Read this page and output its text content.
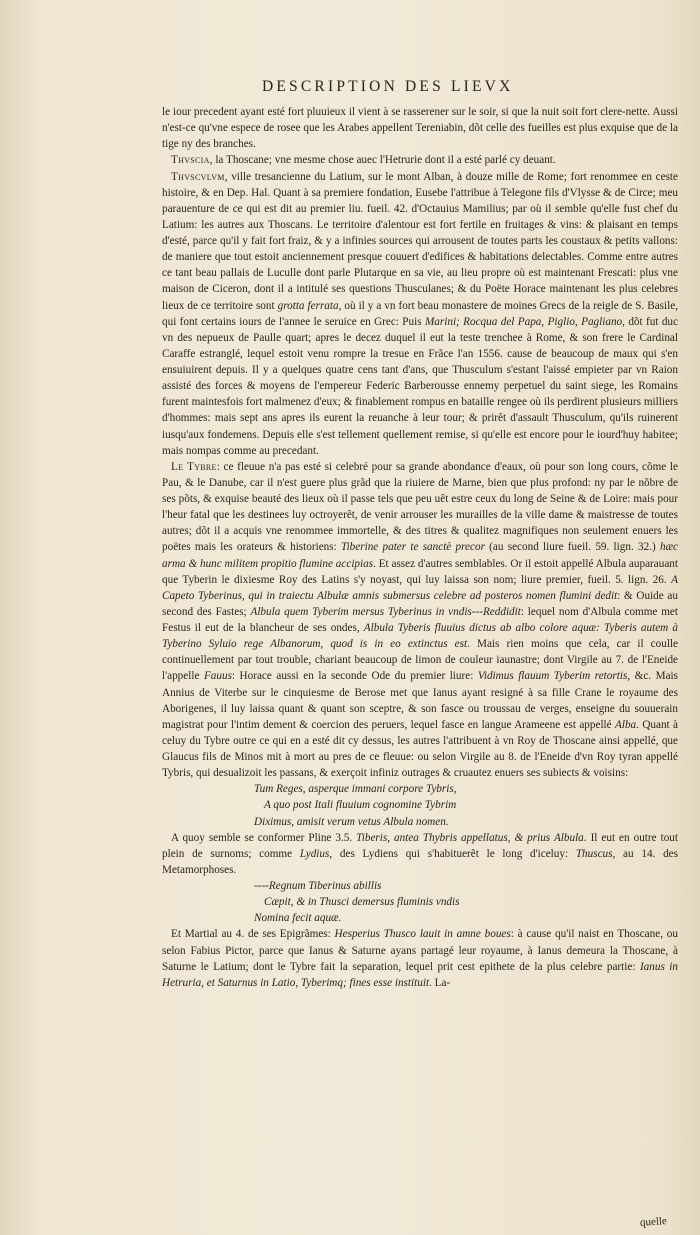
DESCRIPTION DES LIEVX

le iour precedent ayant esté fort pluuieux il vient à se rasserener sur le soir, si que la nuit soit fort clere-nette. Aussi n'est-ce qu'vne espece de rosee que les Arabes appellent Tereniabin, dõt celle des fueilles est plus exquise que de la tige ny des branches.

Thvscia, la Thoscane; vne mesme chose auec l'Hetrurie dont il a esté parlé cy deuant.

Thvscvlvm, ville tresancienne du Latium, sur le mont Alban, à douze mille de Rome; fort renommee en ceste histoire, & en Dep. Hal. Quant à sa premiere fondation, Eusebe l'attribue à Telegone fils d'Vlysse & de Circe; meu parauenture de ce qui est dit au premier liu. fueil. 42. d'Octauius Mamilius; par où il semble qu'elle fust chef du Latium: les autres aux Thoscans. Le territoire d'alentour est fort fertile en fruitages & vins: & plaisant en temps d'esté, parce qu'il y fait fort fraiz, & y a infinies sources qui arrousent de toutes parts les coustaux & petits vallons: de maniere que tout estoit anciennement presque couuert d'edifices & habitations delectables. Comme entre autres ce tant beau pallais de Luculle dont parle Plutarque en sa vie, au lieu propre où est maintenant Frescati: plus vne maison de Ciceron, dont il a intitulé ses questions Thusculanes; & du Poëte Horace maintenant les plus celebres lieux de ce territoire sont grotta ferrata, où il y a vn fort beau monastere de moines Grecs de la reigle de S. Basile, qui font certains iours de l'annee le seruice en Grec: Puis Marini; Rocqua del Papa, Piglio, Pagliano, dõt fut duc vn des nepueux de Paulle quart; apres le decez duquel il eut la teste trenchee à Rome, & son frere le Cardinal Caraffe estranglé, lequel estoit venu rompre la tresue en Frãce l'an 1556. cause de beaucoup de maux qui s'en ensuiuirent depuis. Il y a quelques quatre cens tant d'ans, que Thusculum s'estant l'aissé empieter par vn Raion assisté des forces & moyens de l'empereur Federic Barberousse ennemy perpetuel du saint siege, les Romains furent maintesfois fort malmenez d'eux; & finablement rompus en bataille rengee où ils perdirent plusieurs milliers d'hommes: mais sept ans apres ils eurent la reuanche à leur tour; & prirêt d'assault Thusculum, qu'ils ruinerent iusqu'aux fondemens. Depuis elle s'est tellement quellement remise, si qu'elle est encore pour le iourd'huy habitee; mais nompas comme au precedant.

Le Tybre: ce fleuue n'a pas esté si celebré pour sa grande abondance d'eaux, où pour son long cours, cõme le Pau, & le Danube, car il n'est guere plus grãd que la riuiere de Marne, bien que plus profond: ny par le nõbre de ses põts, & exquise beauté des lieux où il passe tels que peu uêt estre ceux du long de Seine & de Loire: mais pour l'heur fatal que les destinees luy octroyerêt, de venir arrouser les murailles de la ville dame & maistresse de toutes autres; dõt il a acquis vne renommee immortelle, & des titres & qualitez magnifiques non seulement enuers les poëtes mais les orateurs & historiens: Tiberine pater te sanctè precor (au second liure fueil. 59. lign. 32.) hæc arma & hunc militem propitio flumine accipias. Et assez d'autres semblables. Or il estoit appellé Albula auparauant que Tyberin le dixiesme Roy des Latins s'y noyast, qui luy laissa son nom; liure premier, fueil. 5. lign. 26. A Capeto Tyberinus, qui in traiectu Albulæ amnis submersus celebre ad posteros nomen flumini dedit: & Ouide au second des Fastes; Albula quem Tyberim mersus Tyberinus in vndis---Reddidit: lequel nom d'Albula comme met Festus il eut de la blancheur de ses ondes, Albula Tyberis fluuius dictus ab albo colore aquæ: Tyberis autem à Tyberino Syluio rege Albanorum, quod is in eo extinctus est. Mais rien moins que cela, car il coulle continuellement par tout trouble, chariant beaucoup de limon de couleur iaunastre; dont Virgile au 7. de l'Eneide l'appelle Fauus: Horace aussi en la seconde Ode du premier liure: Vidimus flauum Tyberim retortis, &c. Mais Annius de Viterbe sur le cinquiesme de Berose met que Ianus ayant resigné à sa fille Crane le royaume des Aborigenes, il luy laissa quant & quant son sceptre, & son fasce ou troussau de verges, enseigne du souuerain magistrat pour l'intim dement & coercion des peruers, lequel fasce en langue Arameene est appellé Alba. Quant à celuy du Tybre outre ce qui en a esté dit cy dessus, les autres l'attribuent à vn Roy de Thoscane ainsi appellé, que Glaucus fils de Minos mit à mort au pres de ce fleuue: ou selon Virgile au 8. de l'Eneide d'vn Roy tyran appellé Tybris, qui desualizoit les passans, & exerçoit infiniz outrages & cruautez enuers ses subiects & voisins:

Tum Reges, asperque immani corpore Tybris,
A quo post Itali fluuium cognomine Tybrim
Diximus, amisit verum vetus Albula nomen.

A quoy semble se conformer Pline 3.5. Tiberis, antea Thybris appellatus, & prius Albula. Il eut en outre tout plein de surnoms; comme Lydius, des Lydiens qui s'habituerẽt le long d'iceluy: Thuscus, au 14. des Metamorphoses.

----Regnum Tiberinus abillis
Cæpit, & in Thusci demersus fluminis vndis
Nomina fecit aquæ.

Et Martial au 4. de ses Epigrãmes: Hesperius Thusco lauit in amne boues: à cause qu'il naist en Thoscane, ou selon Fabius Pictor, parce que Ianus & Saturne ayans partagé leur royaume, à Ianus demeura la Thoscane, à Saturne le Latium; dont le Tybre fait la separation, lequel prit cest epithete de la plus celebre partie: Ianus in Hetruria, et Saturnus in Latio, Tyberimq; fines esse instituit. La-

quelle
